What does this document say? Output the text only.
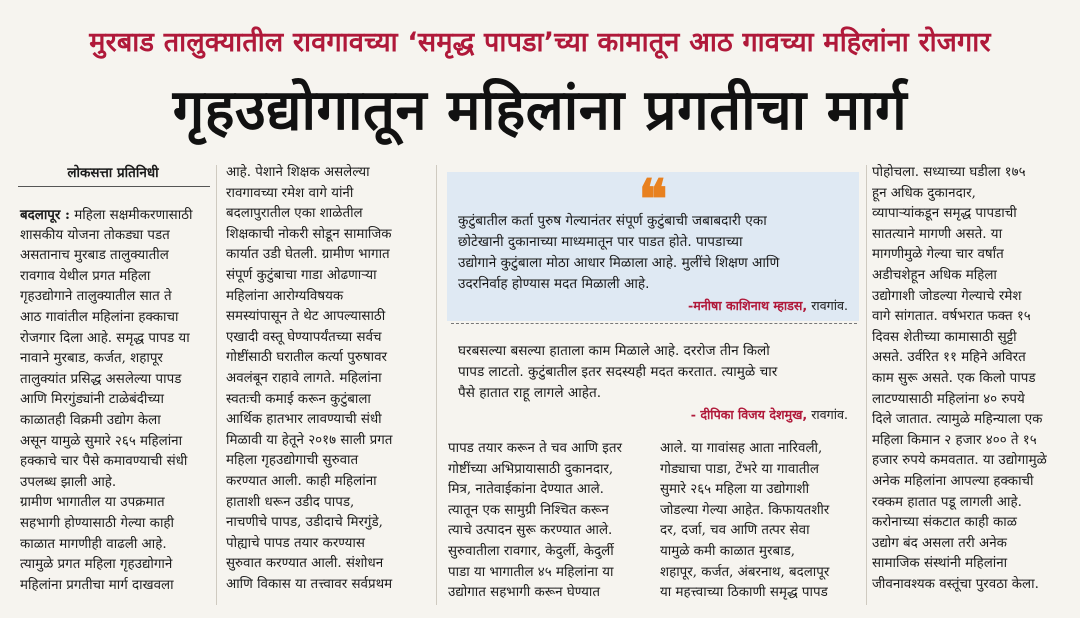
मुरबाड तालुक्यातील रावगावच्या ‘समृद्ध पापडा’च्या कामातून आठ गावच्या महिलांना रोजगार
गृहउद्योगातून महिलांना प्रगतीचा मार्ग
लोकसत्ता प्रतिनिधी
बदलापूर : महिला सक्षमीकरणासाठी
शासकीय योजना तोकड्या पडत
असतानाच मुरबाड तालुक्यातील
रावगाव येथील प्रगत महिला
गृहउद्योगाने तालुक्यातील सात ते
आठ गावांतील महिलांना हक्काचा
रोजगार दिला आहे. समृद्ध पापड या
नावाने मुरबाड, कर्जत, शहापूर
तालुक्यांत प्रसिद्ध असलेल्या पापड
आणि मिरगुंड्यांनी टाळेबंदीच्या
काळातही विक्रमी उद्योग केला
असून यामुळे सुमारे २६५ महिलांना
हक्काचे चार पैसे कमावण्याची संधी
उपलब्ध झाली आहे.
ग्रामीण भागातील या उपक्रमात
सहभागी होण्यासाठी गेल्या काही
काळात मागणीही वाढली आहे.
त्यामुळे प्रगत महिला गृहउद्योगाने
महिलांना प्रगतीचा मार्ग दाखवला
आहे. पेशाने शिक्षक असलेल्या
रावगावच्या रमेश वागे यांनी
बदलापुरातील एका शाळेतील
शिक्षकाची नोकरी सोडून सामाजिक
कार्यात उडी घेतली. ग्रामीण भागात
संपूर्ण कुटुंबाचा गाडा ओढणाऱ्या
महिलांना आरोग्यविषयक
समस्यांपासून ते थेट आपल्यासाठी
एखादी वस्तू घेण्यापर्यंतच्या सर्वच
गोष्टींसाठी घरातील कर्त्या पुरुषावर
अवलंबून राहावे लागते. महिलांना
स्वतःची कमाई करून कुटुंबाला
आर्थिक हातभार लावण्याची संधी
मिळावी या हेतूने २०१७ साली प्रगत
महिला गृहउद्योगाची सुरुवात
करण्यात आली. काही महिलांना
हाताशी धरून उडीद पापड,
नाचणीचे पापड, उडीदाचे मिरगुंडे,
पोह्याचे पापड तयार करण्यास
सुरुवात करण्यात आली. संशोधन
आणि विकास या तत्त्वावर सर्वप्रथम
❝
कुटुंबातील कर्ता पुरुष गेल्यानंतर संपूर्ण कुटुंबाची जबाबदारी एका
छोटेखानी दुकानाच्या माध्यमातून पार पाडत होते. पापडाच्या
उद्योगाने कुटुंबाला मोठा आधार मिळाला आहे. मुलींचे शिक्षण आणि
उदरनिर्वाह होण्यास मदत मिळाली आहे.
-मनीषा काशिनाथ म्हाडस, रावगांव.
घरबसल्या बसल्या हाताला काम मिळाले आहे. दररोज तीन किलो
पापड लाटतो. कुटुंबातील इतर सदस्यही मदत करतात. त्यामुळे चार
पैसे हातात राहू लागले आहेत.
- दीपिका विजय देशमुख, रावगांव.
पापड तयार करून ते चव आणि इतर
गोष्टींच्या अभिप्रायासाठी दुकानदार,
मित्र, नातेवाईकांना देण्यात आले.
त्यातून एक सामुग्री निश्चित करून
त्याचे उत्पादन सुरू करण्यात आले.
सुरुवातीला रावगार, केदुर्ली, केदुर्ली
पाडा या भागातील ४५ महिलांना या
उद्योगात सहभागी करून घेण्यात
आले. या गावांसह आता नारिवली,
गोड्याचा पाडा, टेंभरे या गावातील
सुमारे २६५ महिला या उद्योगाशी
जोडल्या गेल्या आहेत. किफायतशीर
दर, दर्जा, चव आणि तत्पर सेवा
यामुळे कमी काळात मुरबाड,
शहापूर, कर्जत, अंबरनाथ, बदलापूर
या महत्त्वाच्या ठिकाणी समृद्ध पापड
पोहोचला. सध्याच्या घडीला १७५
हून अधिक दुकानदार,
व्यापाऱ्यांकडून समृद्ध पापडाची
सातत्याने मागणी असते. या
मागणीमुळे गेल्या चार वर्षांत
अडीचशेहून अधिक महिला
उद्योगाशी जोडल्या गेल्याचे रमेश
वागे सांगतात. वर्षभरात फक्त १५
दिवस शेतीच्या कामासाठी सुट्टी
असते. उर्वरित ११ महिने अविरत
काम सुरू असते. एक किलो पापड
लाटण्यासाठी महिलांना ४० रुपये
दिले जातात. त्यामुळे महिन्याला एक
महिला किमान २ हजार ४०० ते १५
हजार रुपये कमवतात. या उद्योगामुळे
अनेक महिलांना आपल्या हक्काची
रक्कम हातात पडू लागली आहे.
करोनाच्या संकटात काही काळ
उद्योग बंद असला तरी अनेक
सामाजिक संस्थांनी महिलांना
जीवनावश्यक वस्तूंचा पुरवठा केला.
